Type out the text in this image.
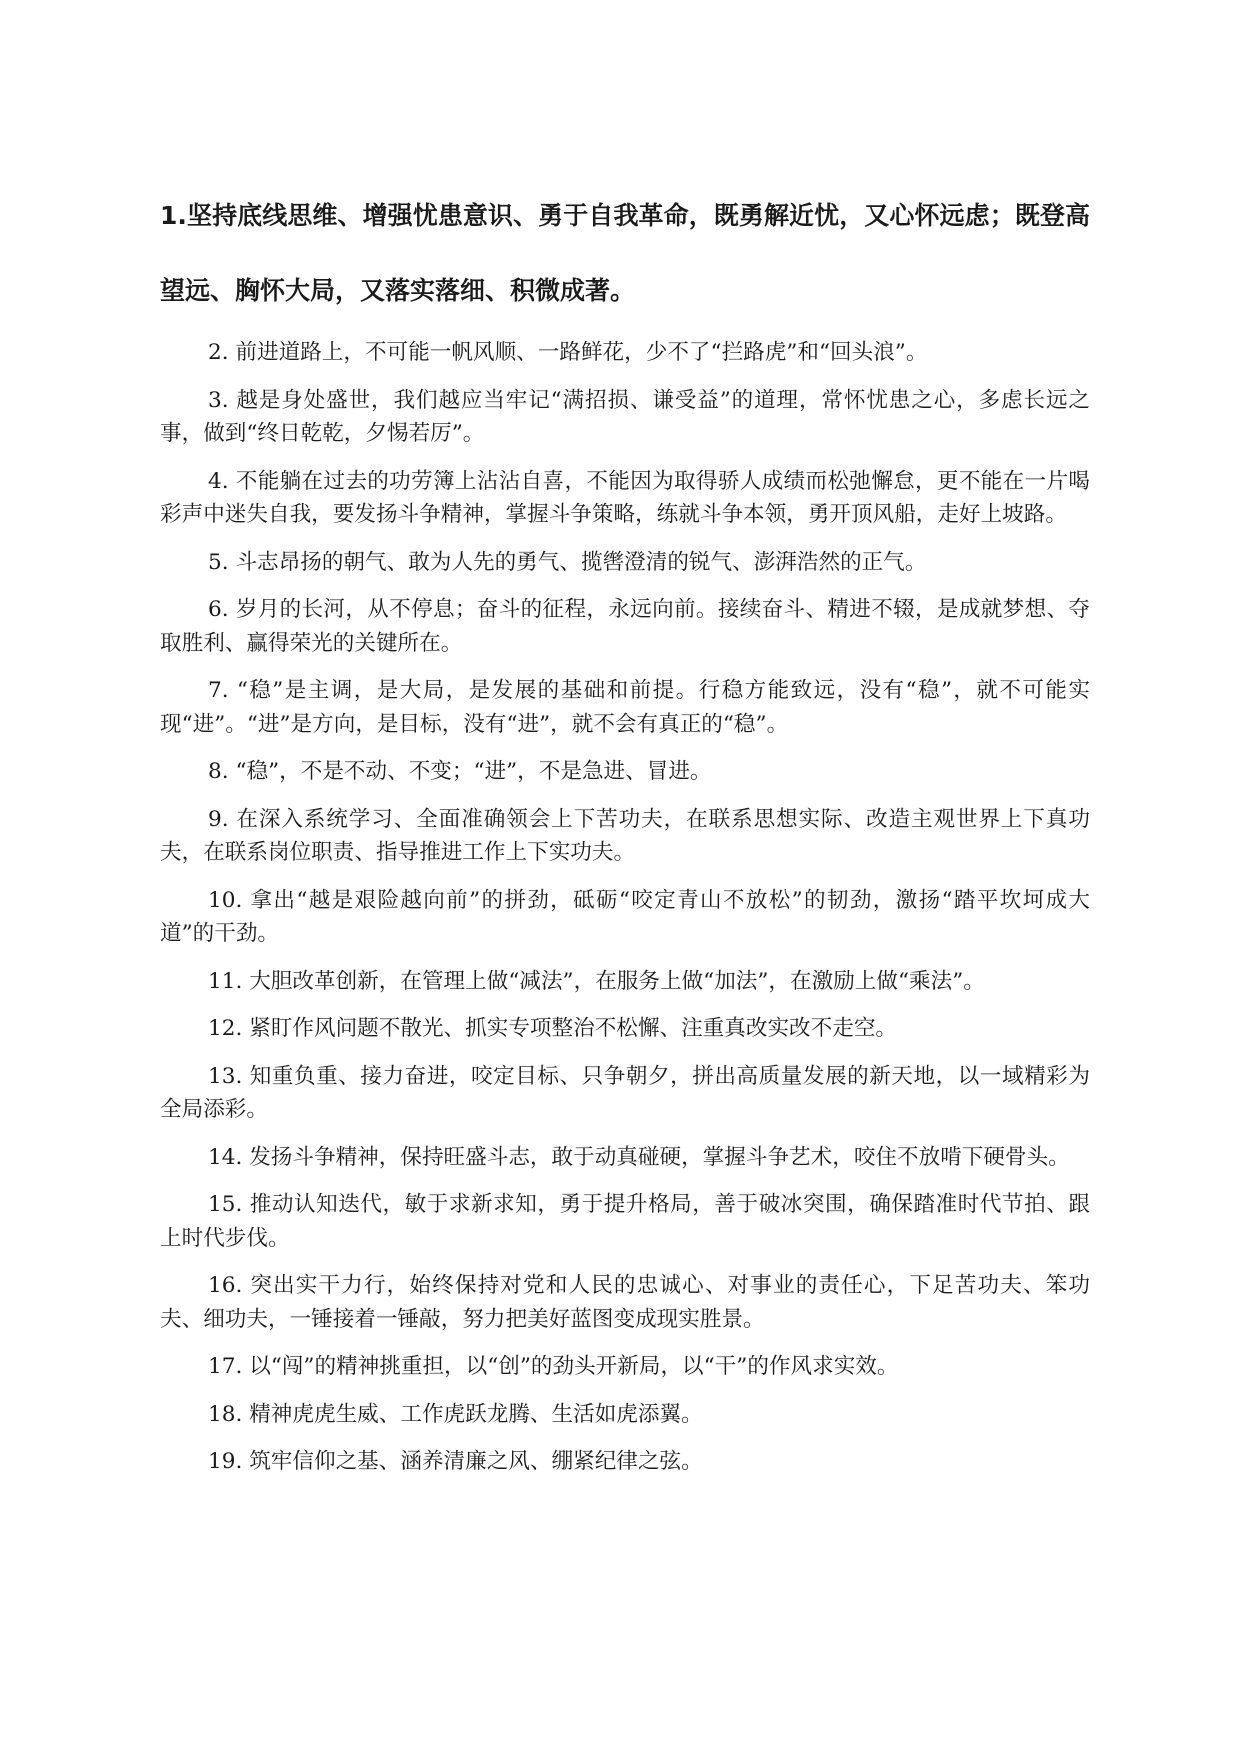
1.坚持底线思维、增强忧患意识、勇于自我革命，既勇解近忧，又心怀远虑；既登高望远、胸怀大局，又落实落细、积微成著。

2. 前进道路上，不可能一帆风顺、一路鲜花，少不了“拦路虎”和“回头浪”。

3. 越是身处盛世，我们越应当牢记“满招损、谦受益”的道理，常怀忧患之心，多虑长远之事，做到“终日乾乾，夕惕若厉”。

4. 不能躺在过去的功劳簿上沾沾自喜，不能因为取得骄人成绩而松弛懈怠，更不能在一片喝彩声中迷失自我，要发扬斗争精神，掌握斗争策略，练就斗争本领，勇开顶风船，走好上坡路。

5. 斗志昂扬的朝气、敢为人先的勇气、揽辔澄清的锐气、澎湃浩然的正气。

6. 岁月的长河，从不停息；奋斗的征程，永远向前。接续奋斗、精进不辍，是成就梦想、夺取胜利、赢得荣光的关键所在。

7. “稳”是主调，是大局，是发展的基础和前提。行稳方能致远，没有“稳”，就不可能实现“进”。“进”是方向，是目标，没有“进”，就不会有真正的“稳”。

8. “稳”，不是不动、不变；“进”，不是急进、冒进。

9. 在深入系统学习、全面准确领会上下苦功夫，在联系思想实际、改造主观世界上下真功夫，在联系岗位职责、指导推进工作上下实功夫。

10. 拿出“越是艰险越向前”的拼劲，砥砺“咬定青山不放松”的韧劲，激扬“踏平坎坷成大道”的干劲。

11. 大胆改革创新，在管理上做“减法”，在服务上做“加法”，在激励上做“乘法”。

12. 紧盯作风问题不散光、抓实专项整治不松懈、注重真改实改不走空。

13. 知重负重、接力奋进，咬定目标、只争朝夕，拼出高质量发展的新天地，以一域精彩为全局添彩。

14. 发扬斗争精神，保持旺盛斗志，敢于动真碰硬，掌握斗争艺术，咬住不放啃下硬骨头。

15. 推动认知迭代，敏于求新求知，勇于提升格局，善于破冰突围，确保踏准时代节拍、跟上时代步伐。

16. 突出实干力行，始终保持对党和人民的忠诚心、对事业的责任心，下足苦功夫、笨功夫、细功夫，一锤接着一锤敲，努力把美好蓝图变成现实胜景。

17. 以“闯”的精神挑重担，以“创”的劲头开新局，以“干”的作风求实效。

18. 精神虎虎生威、工作虎跃龙腾、生活如虎添翼。

19. 筑牢信仰之基、涵养清廉之风、绷紧纪律之弦。
